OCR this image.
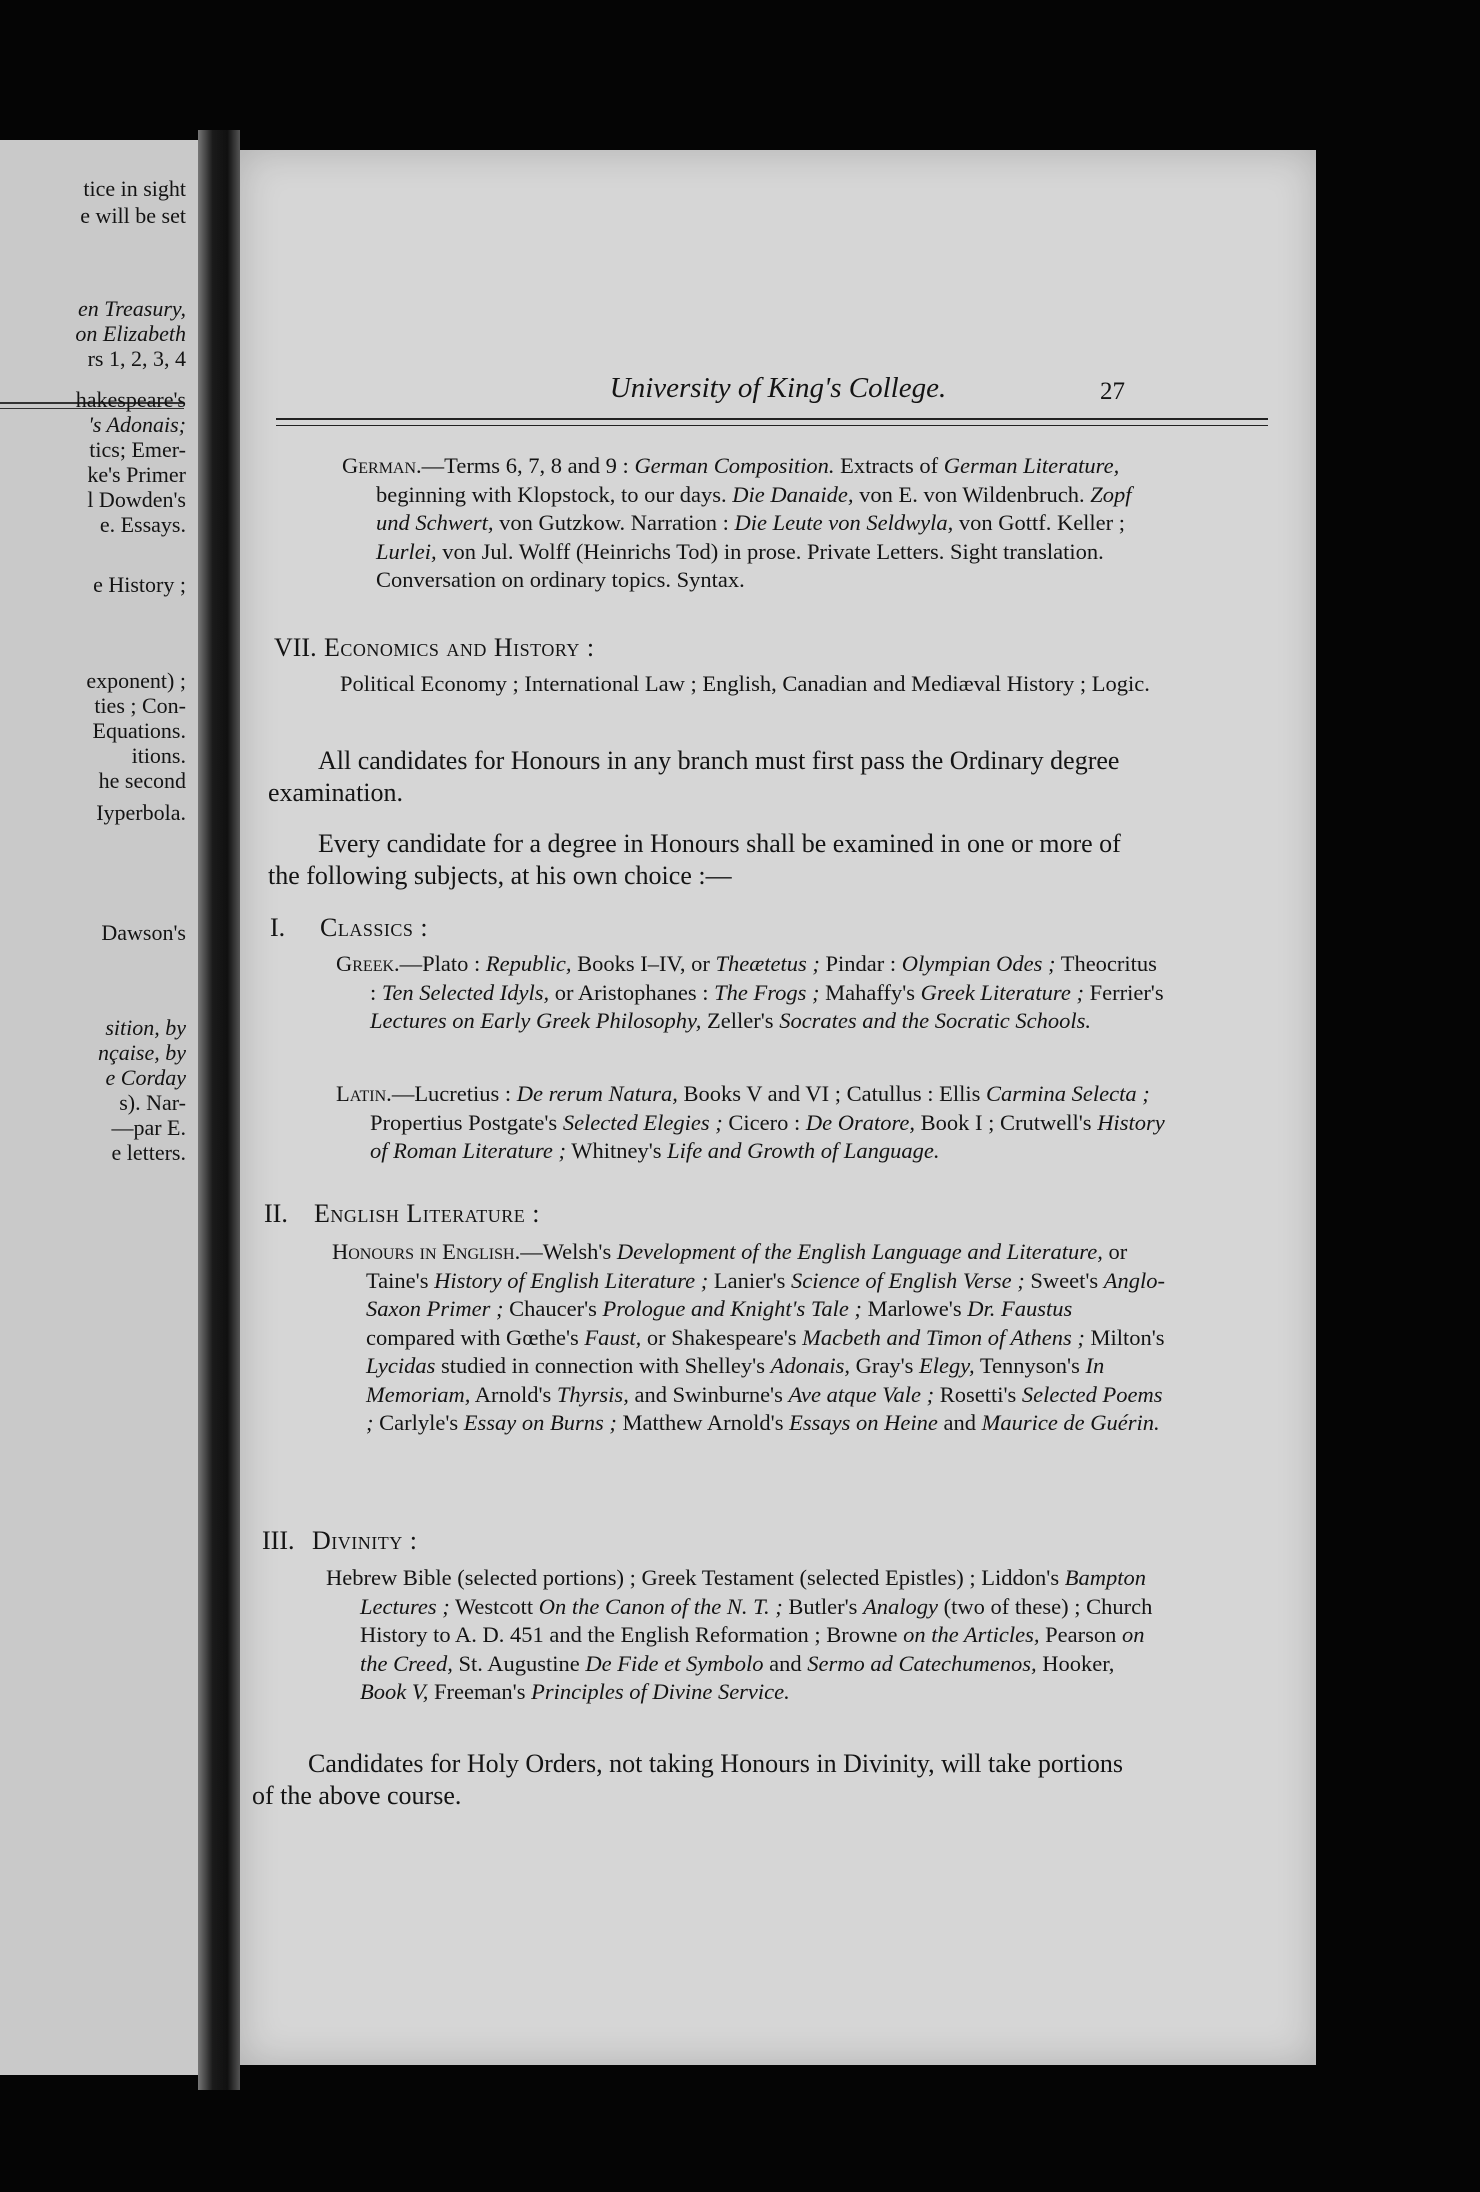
tice in sight
e will be set
en Treasury,
on Elizabeth
rs 1, 2, 3, 4
hakespeare's
's Adonais;
tics; Emer-
ke's Primer
l Dowden's
e. Essays.
e History ;
exponent) ;
ties ; Con-
Equations.
itions.
he second
Iyperbola.
Dawson's
sition, by
nçaise, by
e Corday
s). Nar-
—par E.
e letters.
University of King's College.	27
German.—Terms 6, 7, 8 and 9 : German Composition. Extracts of German Literature, beginning with Klopstock, to our days. Die Danaide, von E. von Wildenbruch. Zopf und Schwert, von Gutzkow. Narration : Die Leute von Seldwyla, von Gottf. Keller ; Lurlei, von Jul. Wolff (Heinrichs Tod) in prose. Private Letters. Sight translation. Conversation on ordinary topics. Syntax.
VII. Economics and History :
Political Economy ; International Law ; English, Canadian and Mediæval History ; Logic.
All candidates for Honours in any branch must first pass the Ordinary degree examination.
Every candidate for a degree in Honours shall be examined in one or more of the following subjects, at his own choice :—
I. Classics :
Greek.—Plato : Republic, Books I–IV, or Theætetus ; Pindar : Olympian Odes ; Theocritus : Ten Selected Idyls, or Aristophanes : The Frogs ; Mahaffy's Greek Literature ; Ferrier's Lectures on Early Greek Philosophy, Zeller's Socrates and the Socratic Schools.
Latin.—Lucretius : De rerum Natura, Books V and VI ; Catullus : Ellis Carmina Selecta ; Propertius Postgate's Selected Elegies ; Cicero : De Oratore, Book I ; Crutwell's History of Roman Literature ; Whitney's Life and Growth of Language.
II. English Literature :
Honours in English.—Welsh's Development of the English Language and Literature, or Taine's History of English Literature ; Lanier's Science of English Verse ; Sweet's Anglo-Saxon Primer ; Chaucer's Prologue and Knight's Tale ; Marlowe's Dr. Faustus compared with Gœthe's Faust, or Shakespeare's Macbeth and Timon of Athens ; Milton's Lycidas studied in connection with Shelley's Adonais, Gray's Elegy, Tennyson's In Memoriam, Arnold's Thyrsis, and Swinburne's Ave atque Vale ; Rosetti's Selected Poems ; Carlyle's Essay on Burns ; Matthew Arnold's Essays on Heine and Maurice de Guérin.
III. Divinity :
Hebrew Bible (selected portions) ; Greek Testament (selected Epistles) ; Liddon's Bampton Lectures ; Westcott On the Canon of the N. T. ; Butler's Analogy (two of these) ; Church History to A. D. 451 and the English Reformation ; Browne on the Articles, Pearson on the Creed, St. Augustine De Fide et Symbolo and Sermo ad Catechumenos, Hooker, Book V, Freeman's Principles of Divine Service.
Candidates for Holy Orders, not taking Honours in Divinity, will take portions of the above course.
